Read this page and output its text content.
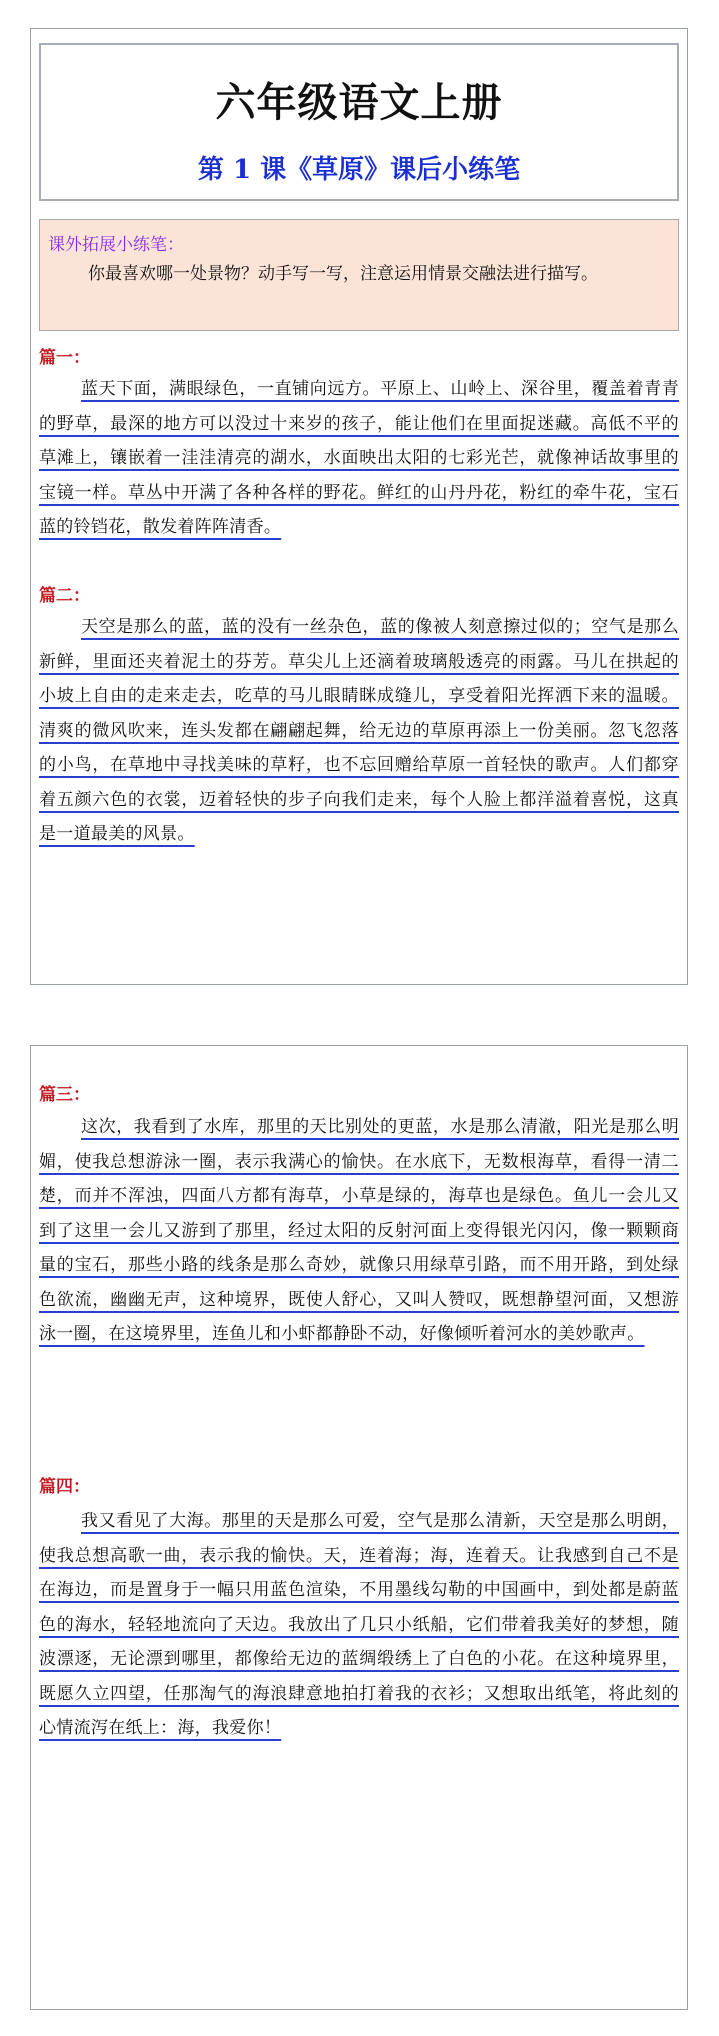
六年级语文上册
第 1 课《草原》课后小练笔
课外拓展小练笔：
你最喜欢哪一处景物？动手写一写，注意运用情景交融法进行描写。
篇一：

蓝天下面，满眼绿色，一直铺向远方。平原上、山岭上、深谷里，覆盖着青青的野草，最深的地方可以没过十来岁的孩子，能让他们在里面捉迷藏。高低不平的草滩上，镶嵌着一洼洼清亮的湖水，水面映出太阳的七彩光芒，就像神话故事里的宝镜一样。草丛中开满了各种各样的野花。鲜红的山丹丹花，粉红的牵牛花，宝石蓝的铃铛花，散发着阵阵清香。

篇二：

天空是那么的蓝，蓝的没有一丝杂色，蓝的像被人刻意擦过似的；空气是那么新鲜，里面还夹着泥土的芬芳。草尖儿上还滴着玻璃般透亮的雨露。马儿在拱起的小坡上自由的走来走去，吃草的马儿眼睛眯成缝儿，享受着阳光挥洒下来的温暖。清爽的微风吹来，连头发都在翩翩起舞，给无边的草原再添上一份美丽。忽飞忽落的小鸟，在草地中寻找美味的草籽，也不忘回赠给草原一首轻快的歌声。人们都穿着五颜六色的衣裳，迈着轻快的步子向我们走来，每个人脸上都洋溢着喜悦，这真是一道最美的风景。

篇三：

这次，我看到了水库，那里的天比别处的更蓝，水是那么清澈，阳光是那么明媚，使我总想游泳一圈，表示我满心的愉快。在水底下，无数根海草，看得一清二楚，而并不浑浊，四面八方都有海草，小草是绿的，海草也是绿色。鱼儿一会儿又到了这里一会儿又游到了那里，经过太阳的反射河面上变得银光闪闪，像一颗颗商量的宝石，那些小路的线条是那么奇妙，就像只用绿草引路，而不用开路，到处绿色欲流，幽幽无声，这种境界，既使人舒心，又叫人赞叹，既想静望河面，又想游泳一圈，在这境界里，连鱼儿和小虾都静卧不动，好像倾听着河水的美妙歌声。

篇四：

我又看见了大海。那里的天是那么可爱，空气是那么清新，天空是那么明朗，使我总想高歌一曲，表示我的愉快。天，连着海；海，连着天。让我感到自己不是在海边，而是置身于一幅只用蓝色渲染，不用墨线勾勒的中国画中，到处都是蔚蓝色的海水，轻轻地流向了天边。我放出了几只小纸船，它们带着我美好的梦想，随波漂逐，无论漂到哪里，都像给无边的蓝绸缎绣上了白色的小花。在这种境界里，既愿久立四望，任那淘气的海浪肆意地拍打着我的衣衫；又想取出纸笔，将此刻的心情流泻在纸上：海，我爱你！
